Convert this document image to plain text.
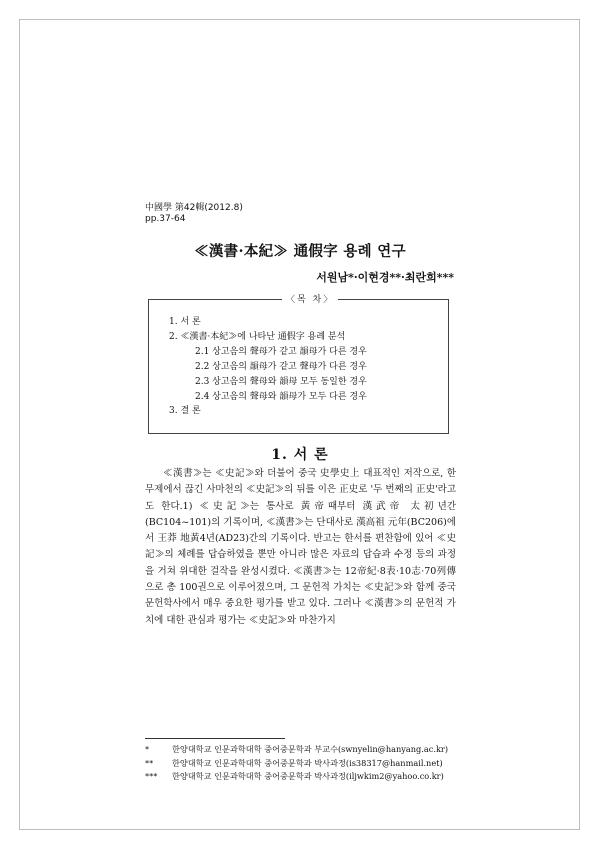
中國學 第42輯(2012.8)
pp.37-64
≪漢書·本紀≫ 通假字 용례 연구
서원남*·이현경**·최란희***
〈목 차〉
1. 서 론
2. ≪漢書·本紀≫에 나타난 通假字 용례 분석
2.1 상고음의 聲母가 같고 韻母가 다른 경우
2.2 상고음의 韻母가 같고 聲母가 다른 경우
2.3 상고음의 聲母와 韻母 모두 동일한 경우
2.4 상고음의 聲母와 韻母가 모두 다른 경우
3. 결 론
1. 서 론

≪漢書≫는 ≪史記≫와 더불어 중국 史學史上 대표적인 저작으로, 한무제에서 끊긴 사마천의 ≪史記≫의 뒤를 이은 正史로 '두 번째의 正史'라고도 한다.1) ≪史記≫는 통사로 黃帝때부터 漢武帝 太初년간(BC104~101)의 기록이며, ≪漢書≫는 단대사로 漢高祖 元年(BC206)에서 王莽 地黃4년(AD23)간의 기록이다. 반고는 한서를 편찬함에 있어 ≪史記≫의 체례를 답습하였을 뿐만 아니라 많은 자료의 답습과 수정 등의 과정을 거쳐 위대한 걸작을 완성시켰다. ≪漢書≫는 12帝紀·8表·10志·70列傳으로 총 100권으로 이루어졌으며, 그 문헌적 가치는 ≪史記≫와 함께 중국문헌학사에서 매우 중요한 평가를 받고 있다. 그러나 ≪漢書≫의 문헌적 가치에 대한 관심과 평가는 ≪史記≫와 마찬가지

*	한양대학교 인문과학대학 중어중문학과 부교수(swnyelin@hanyang.ac.kr)
** 한양대학교 인문과학대학 중어중문학과 박사과정(is38317@hanmail.net)
*** 한양대학교 인문과학대학 중어중문학과 박사과정(iljwkim2@yahoo.co.kr)
